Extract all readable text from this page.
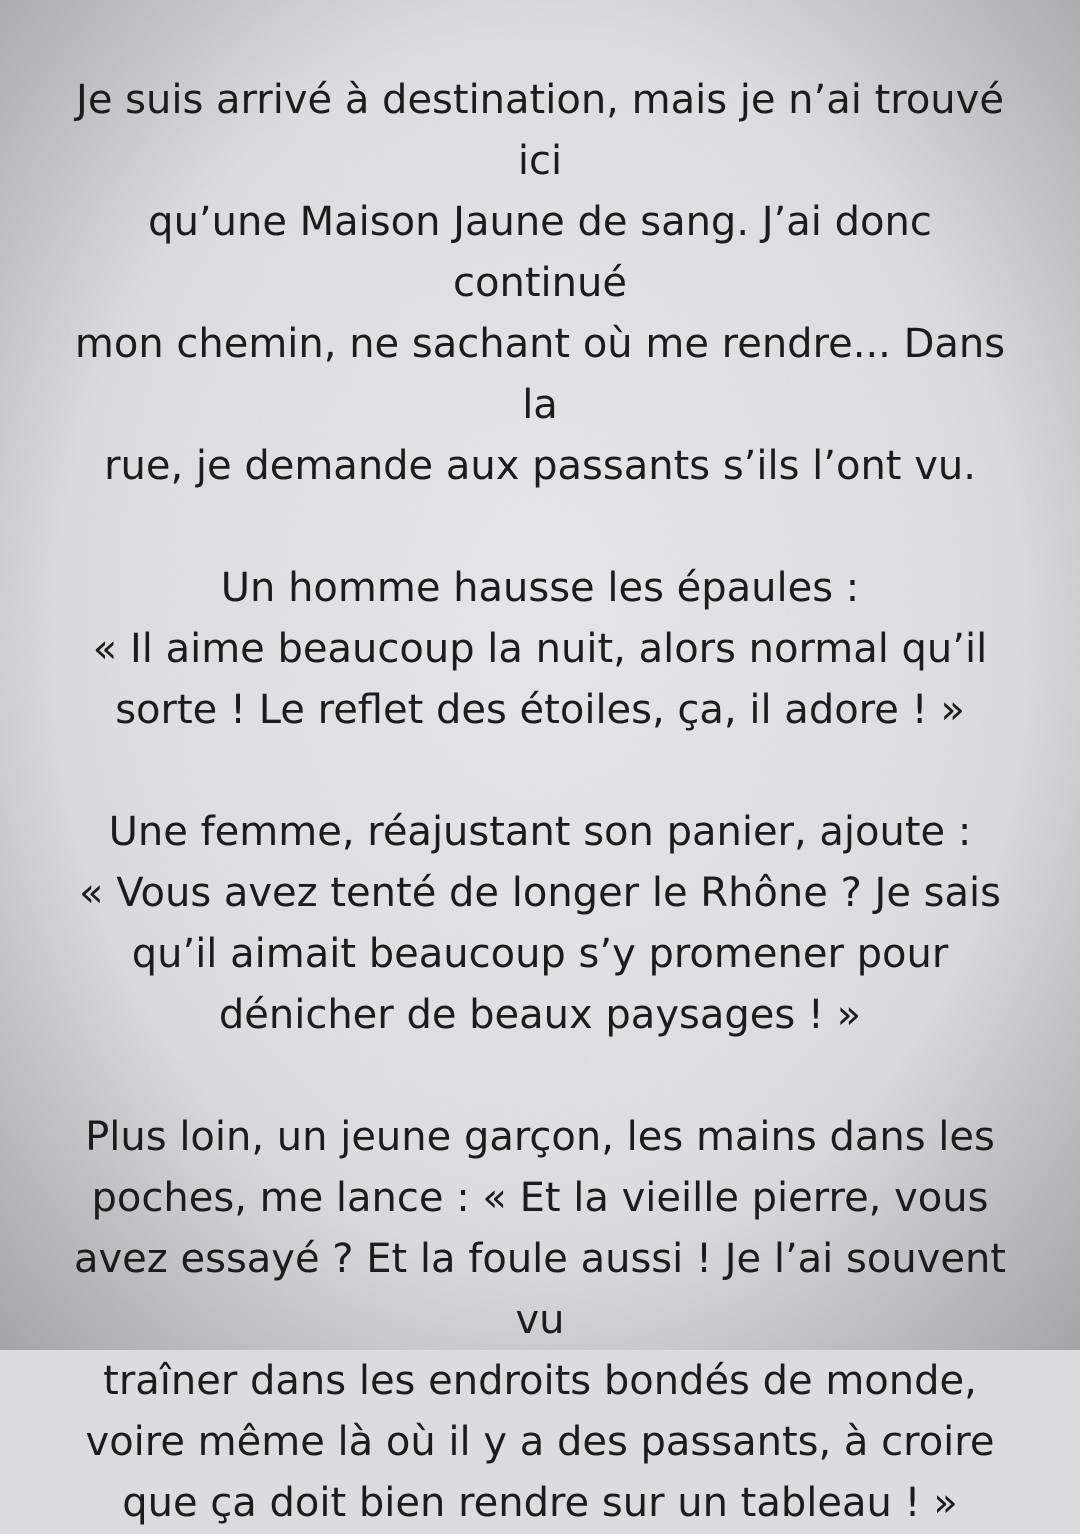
Je suis arrivé à destination, mais je n’ai trouvé ici
qu’une Maison Jaune de sang. J’ai donc continué
mon chemin, ne sachant où me rendre... Dans la
rue, je demande aux passants s’ils l’ont vu.

Un homme hausse les épaules :
« Il aime beaucoup la nuit, alors normal qu’il
sorte ! Le reflet des étoiles, ça, il adore ! »

Une femme, réajustant son panier, ajoute :
« Vous avez tenté de longer le Rhône ? Je sais
qu’il aimait beaucoup s’y promener pour
dénicher de beaux paysages ! »

Plus loin, un jeune garçon, les mains dans les
poches, me lance : « Et la vieille pierre, vous
avez essayé ? Et la foule aussi ! Je l’ai souvent vu
traîner dans les endroits bondés de monde,
voire même là où il y a des passants, à croire
que ça doit bien rendre sur un tableau ! »
